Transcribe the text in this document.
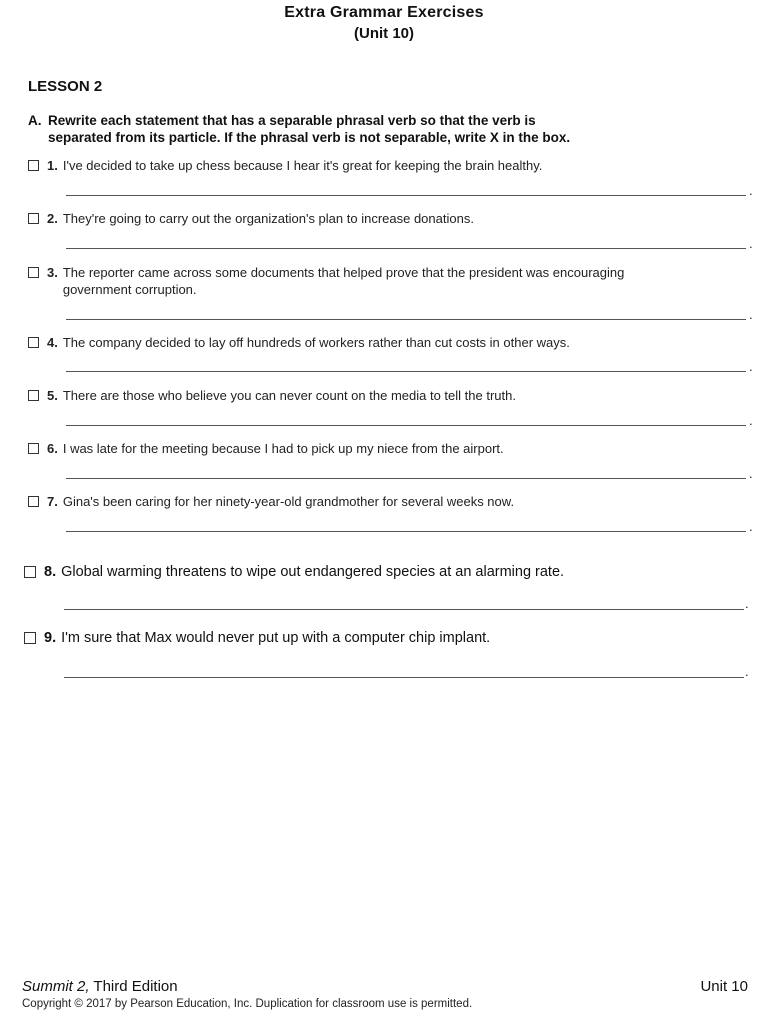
Extra Grammar Exercises
(Unit 10)
LESSON 2
A. Rewrite each statement that has a separable phrasal verb so that the verb is
separated from its particle. If the phrasal verb is not separable, write X in the box.
1. I've decided to take up chess because I hear it's great for keeping the brain healthy.
.
2. They're going to carry out the organization's plan to increase donations.
.
3. The reporter came across some documents that helped prove that the president was encouraging government corruption.
.
4. The company decided to lay off hundreds of workers rather than cut costs in other ways.
.
5. There are those who believe you can never count on the media to tell the truth.
.
6. I was late for the meeting because I had to pick up my niece from the airport.
.
7. Gina's been caring for her ninety-year-old grandmother for several weeks now.
.
8. Global warming threatens to wipe out endangered species at an alarming rate.
.
9. I'm sure that Max would never put up with a computer chip implant.
.
Summit 2, Third Edition	Unit 10
Copyright © 2017 by Pearson Education, Inc. Duplication for classroom use is permitted.
